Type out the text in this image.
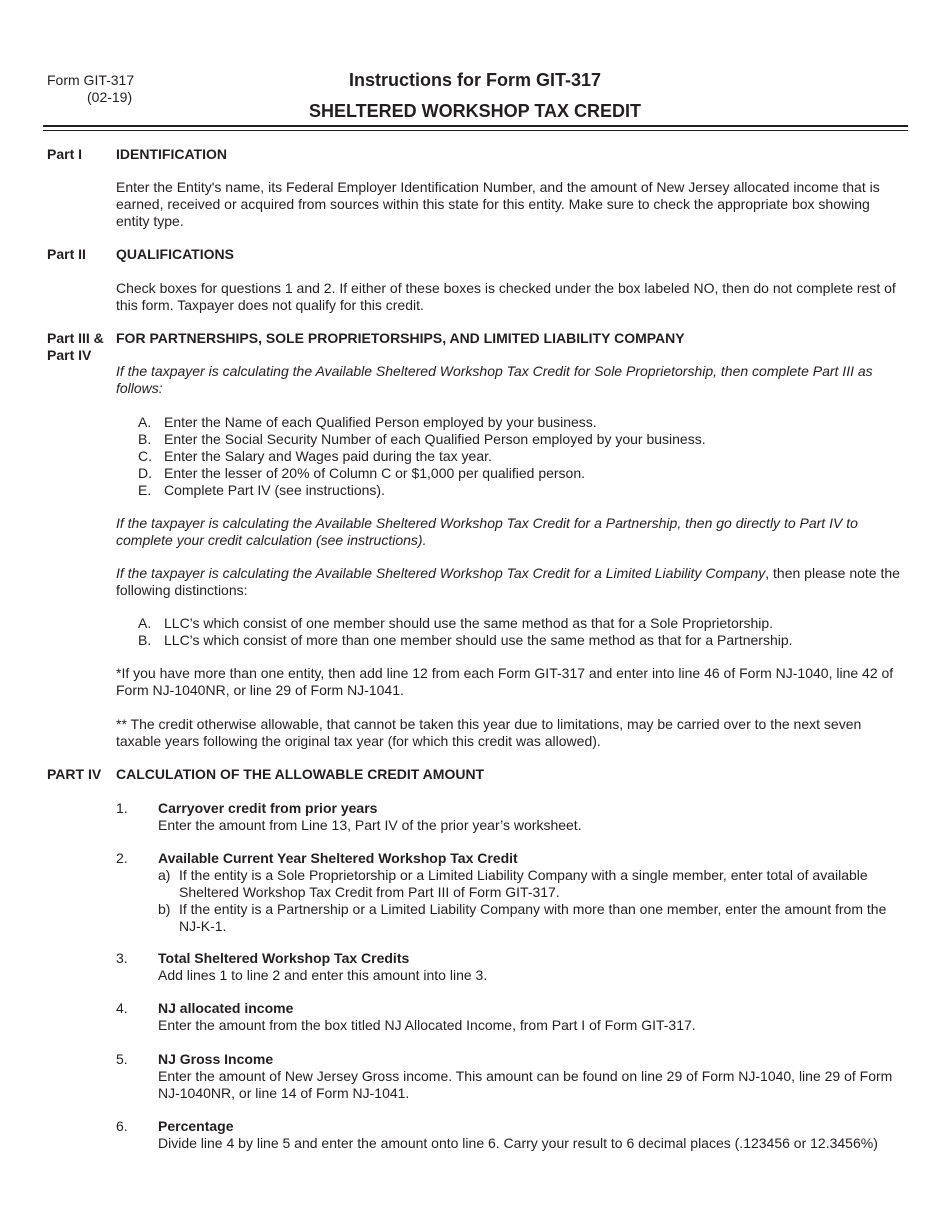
Form GIT-317
(02-19)
Instructions for Form GIT-317
SHELTERED WORKSHOP TAX CREDIT
Part I IDENTIFICATION
Enter the Entity's name, its Federal Employer Identification Number, and the amount of New Jersey allocated income that is earned, received or acquired from sources within this state for this entity. Make sure to check the appropriate box showing entity type.
Part II QUALIFICATIONS
Check boxes for questions 1 and 2. If either of these boxes is checked under the box labeled NO, then do not complete rest of this form. Taxpayer does not qualify for this credit.
Part III &
Part IV
FOR PARTNERSHIPS, SOLE PROPRIETORSHIPS, AND LIMITED LIABILITY COMPANY
If the taxpayer is calculating the Available Sheltered Workshop Tax Credit for Sole Proprietorship, then complete Part III as follows:
A. Enter the Name of each Qualified Person employed by your business.
B. Enter the Social Security Number of each Qualified Person employed by your business.
C. Enter the Salary and Wages paid during the tax year.
D. Enter the lesser of 20% of Column C or $1,000 per qualified person.
E. Complete Part IV (see instructions).
If the taxpayer is calculating the Available Sheltered Workshop Tax Credit for a Partnership, then go directly to Part IV to complete your credit calculation (see instructions).
If the taxpayer is calculating the Available Sheltered Workshop Tax Credit for a Limited Liability Company, then please note the following distinctions:
A. LLC’s which consist of one member should use the same method as that for a Sole Proprietorship.
B. LLC’s which consist of more than one member should use the same method as that for a Partnership.
*If you have more than one entity, then add line 12 from each Form GIT-317 and enter into line 46 of Form NJ-1040, line 42 of Form NJ-1040NR, or line 29 of Form NJ-1041.
** The credit otherwise allowable, that cannot be taken this year due to limitations, may be carried over to the next seven taxable years following the original tax year (for which this credit was allowed).
PART IV CALCULATION OF THE ALLOWABLE CREDIT AMOUNT
1. Carryover credit from prior years
Enter the amount from Line 13, Part IV of the prior year’s worksheet.
2. Available Current Year Sheltered Workshop Tax Credit
a) If the entity is a Sole Proprietorship or a Limited Liability Company with a single member, enter total of available Sheltered Workshop Tax Credit from Part III of Form GIT-317.
b) If the entity is a Partnership or a Limited Liability Company with more than one member, enter the amount from the NJ-K-1.
3. Total Sheltered Workshop Tax Credits
Add lines 1 to line 2 and enter this amount into line 3.
4. NJ allocated income
Enter the amount from the box titled NJ Allocated Income, from Part I of Form GIT-317.
5. NJ Gross Income
Enter the amount of New Jersey Gross income. This amount can be found on line 29 of Form NJ-1040, line 29 of Form NJ-1040NR, or line 14 of Form NJ-1041.
6. Percentage
Divide line 4 by line 5 and enter the amount onto line 6. Carry your result to 6 decimal places (.123456 or 12.3456%)
